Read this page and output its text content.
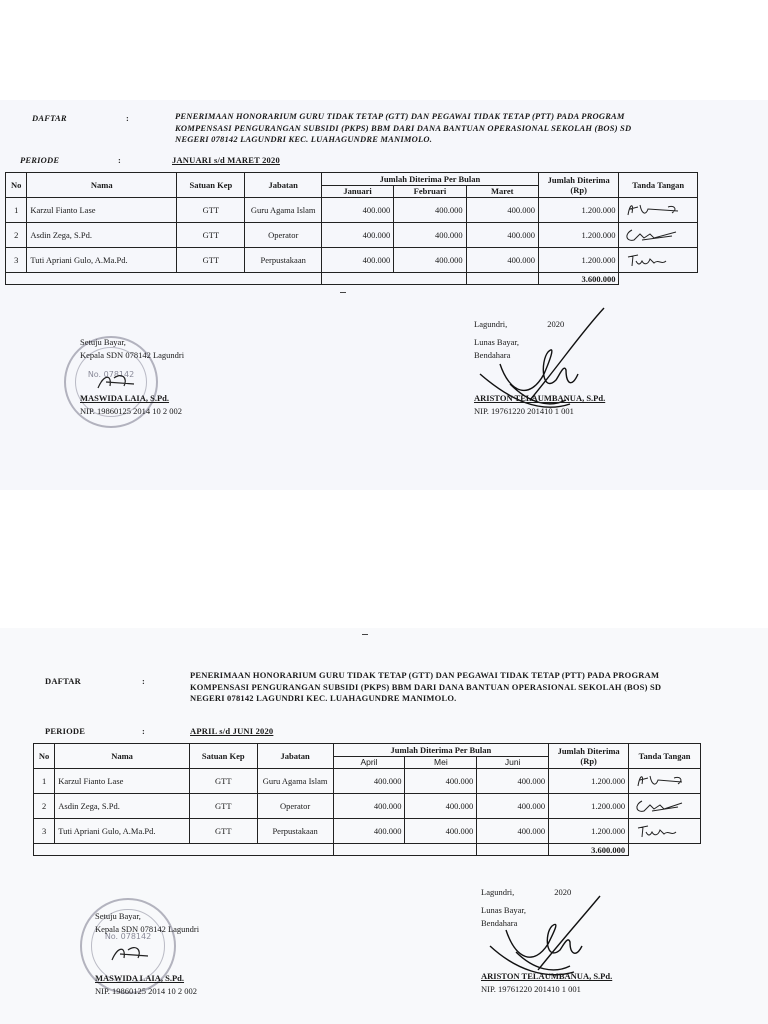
DAFTAR	:	PENERIMAAN HONORARIUM GURU TIDAK TETAP (GTT) DAN PEGAWAI TIDAK TETAP (PTT) PADA PROGRAM
KOMPENSASI PENGURANGAN SUBSIDI (PKPS) BBM DARI DANA BANTUAN OPERASIONAL SEKOLAH (BOS) SD
NEGERI 078142 LAGUNDRI KEC. LUAHAGUNDRE MANIMOLO.
PERIODE	:	JANUARI s/d MARET 2020
No	Nama	Satuan Kep	Jabatan	Jumlah Diterima Per Bulan			Jumlah Diterima
(Rp)	Tanda Tangan
				Januari	Februari	Maret		
1	Karzul Fianto Lase	GTT	Guru Agama Islam	400.000	400.000	400.000	1.200.000	

2	Asdin Zega, S.Pd.	GTT	Operator	400.000	400.000	400.000	1.200.000	

3	Tuti Apriani Gulo, A.Ma.Pd.	GTT	Perpustakaan	400.000	400.000	400.000	1.200.000	

							3.600.000	
No. 078142
Setuju Bayar,
Kepala SDN 078142 Lagundri
MASWIDA LAIA, S.Pd.
NIP. 19860125 2014 10 2 002
Lagundri,	2020
Lunas Bayar,
Bendahara
ARISTON TELAUMBANUA, S.Pd.
NIP. 19761220 201410 1 001
DAFTAR	:
PENERIMAAN HONORARIUM GURU TIDAK TETAP (GTT) DAN PEGAWAI TIDAK TETAP (PTT) PADA PROGRAM
KOMPENSASI PENGURANGAN SUBSIDI (PKPS) BBM DARI DANA BANTUAN OPERASIONAL SEKOLAH (BOS) SD
NEGERI 078142 LAGUNDRI KEC. LUAHAGUNDRE MANIMOLO.
PERIODE	:	APRIL s/d JUNI 2020
No	Nama	Satuan Kep	Jabatan	Jumlah Diterima Per Bulan			Jumlah Diterima
(Rp)	Tanda Tangan
				April	Mei	Juni		
1	Karzul Fianto Lase	GTT	Guru Agama Islam	400.000	400.000	400.000	1.200.000	

2	Asdin Zega, S.Pd.	GTT	Operator	400.000	400.000	400.000	1.200.000	

3	Tuti Apriani Gulo, A.Ma.Pd.	GTT	Perpustakaan	400.000	400.000	400.000	1.200.000	

							3.600.000	
No. 078142
Setuju Bayar,
Kepala SDN 078142 Lagundri
MASWIDA LAIA, S.Pd.
NIP. 19860125 2014 10 2 002
Lagundri,	2020
Lunas Bayar,
Bendahara
ARISTON TELAUMBANUA, S.Pd.
NIP. 19761220 201410 1 001
